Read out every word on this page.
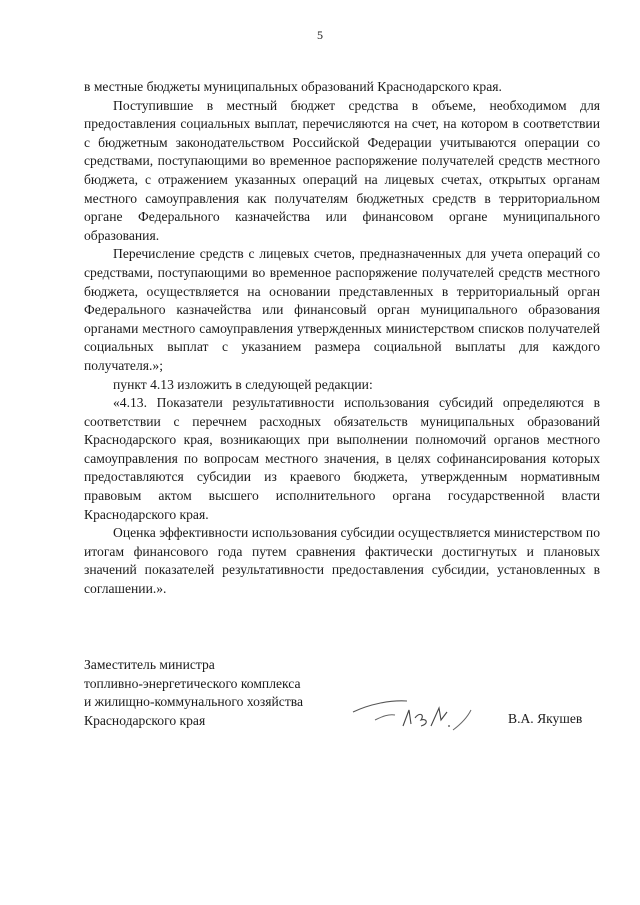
5

в местные бюджеты муниципальных образований Краснодарского края.

Поступившие в местный бюджет средства в объеме, необходимом для предоставления социальных выплат, перечисляются на счет, на котором в соответствии с бюджетным законодательством Российской Федерации учитываются операции со средствами, поступающими во временное распоряжение получателей средств местного бюджета, с отражением указанных операций на лицевых счетах, открытых органам местного самоуправления как получателям бюджетных средств в территориальном органе Федерального казначейства или финансовом органе муниципального образования.

Перечисление средств с лицевых счетов, предназначенных для учета операций со средствами, поступающими во временное распоряжение получателей средств местного бюджета, осуществляется на основании представленных в территориальный орган Федерального казначейства или финансовый орган муниципального образования органами местного самоуправления утвержденных министерством списков получателей социальных выплат с указанием размера социальной выплаты для каждого получателя.»;

пункт 4.13 изложить в следующей редакции:

«4.13. Показатели результативности использования субсидий определяются в соответствии с перечнем расходных обязательств муниципальных образований Краснодарского края, возникающих при выполнении полномочий органов местного самоуправления по вопросам местного значения, в целях софинансирования которых предоставляются субсидии из краевого бюджета, утвержденным нормативным правовым актом высшего исполнительного органа государственной власти Краснодарского края.

Оценка эффективности использования субсидии осуществляется министерством по итогам финансового года путем сравнения фактически достигнутых и плановых значений показателей результативности предоставления субсидии, установленных в соглашении.».

Заместитель министра
топливно-энергетического комплекса
и жилищно-коммунального хозяйства
Краснодарского края	В.А. Якушев
